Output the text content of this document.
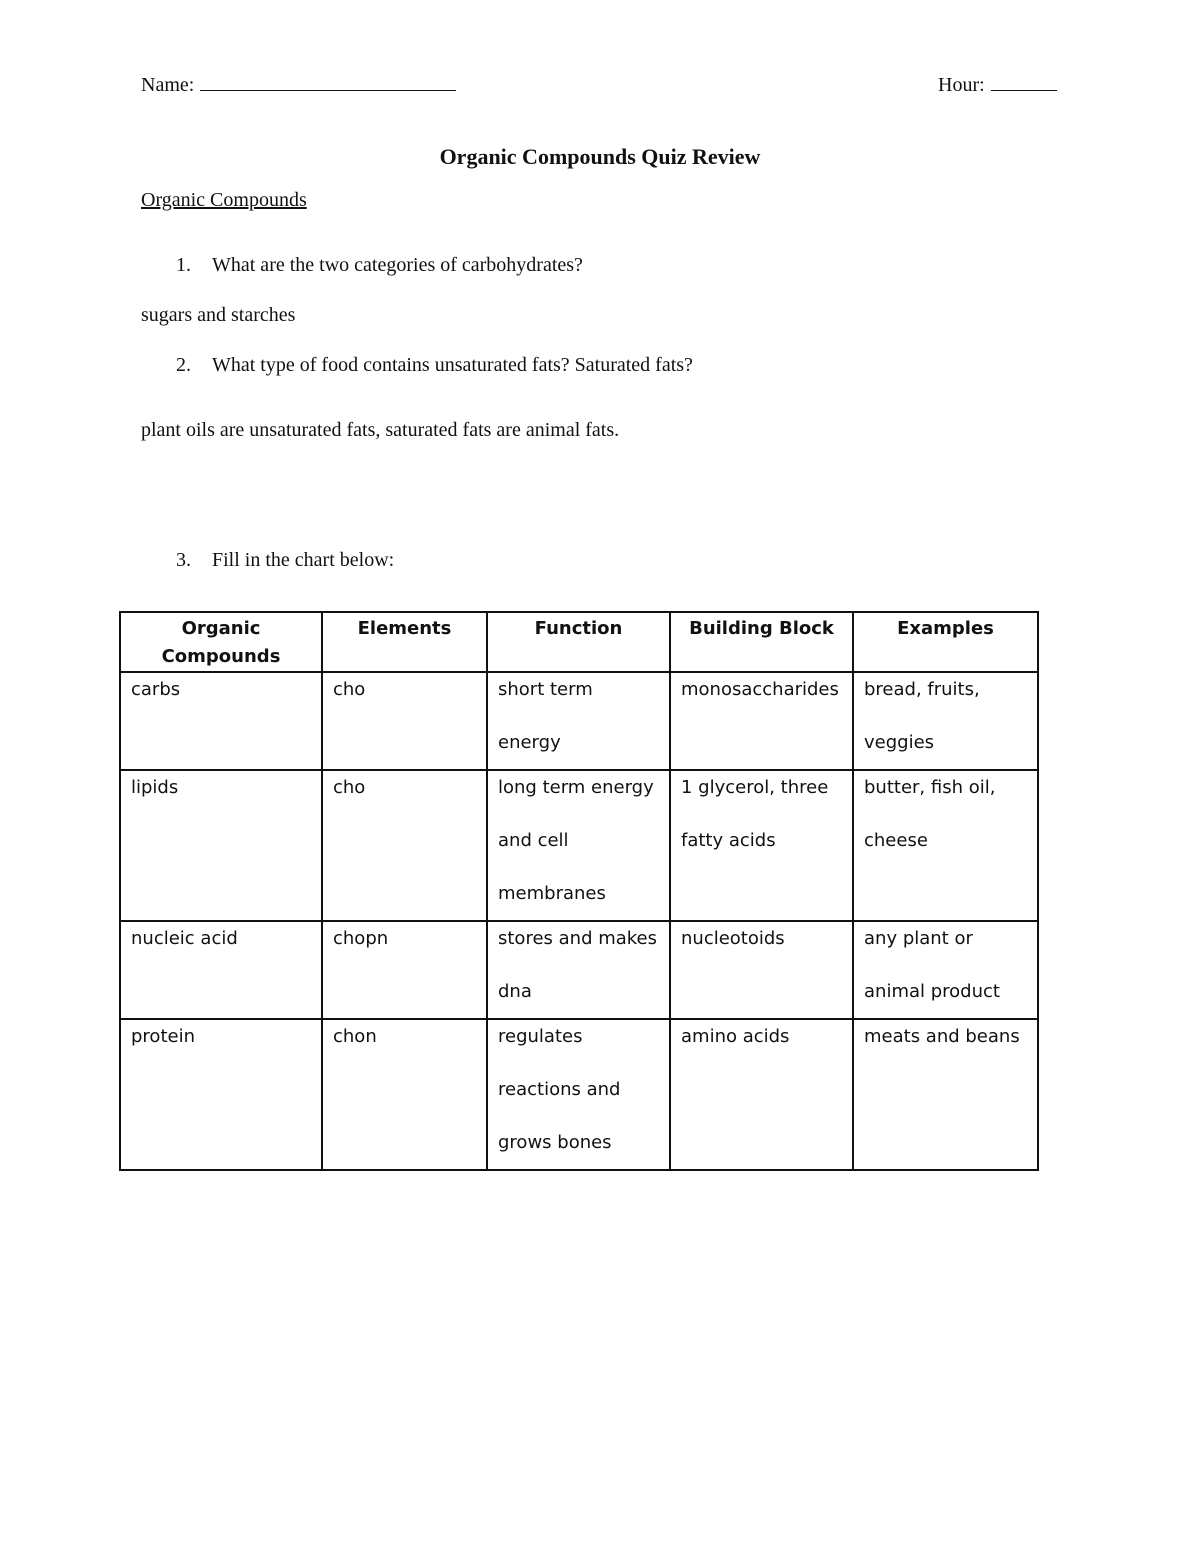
Name:	Hour:
Organic Compounds Quiz Review
Organic Compounds
1. What are the two categories of carbohydrates?
sugars and starches
2. What type of food contains unsaturated fats? Saturated fats?
plant oils are unsaturated fats, saturated fats are animal fats.
3. Fill in the chart below:
Organic Compounds	Elements	Function	Building Block	Examples

carbs	cho	short term energy	monosaccharides	bread, fruits, veggies

lipids	cho	long term energy and cell membranes	1 glycerol, three fatty acids	butter, fish oil, cheese

nucleic acid	chopn	stores and makes dna	nucleotoids	any plant or animal product

protein	chon	regulates reactions and grows bones	amino acids	meats and beans
